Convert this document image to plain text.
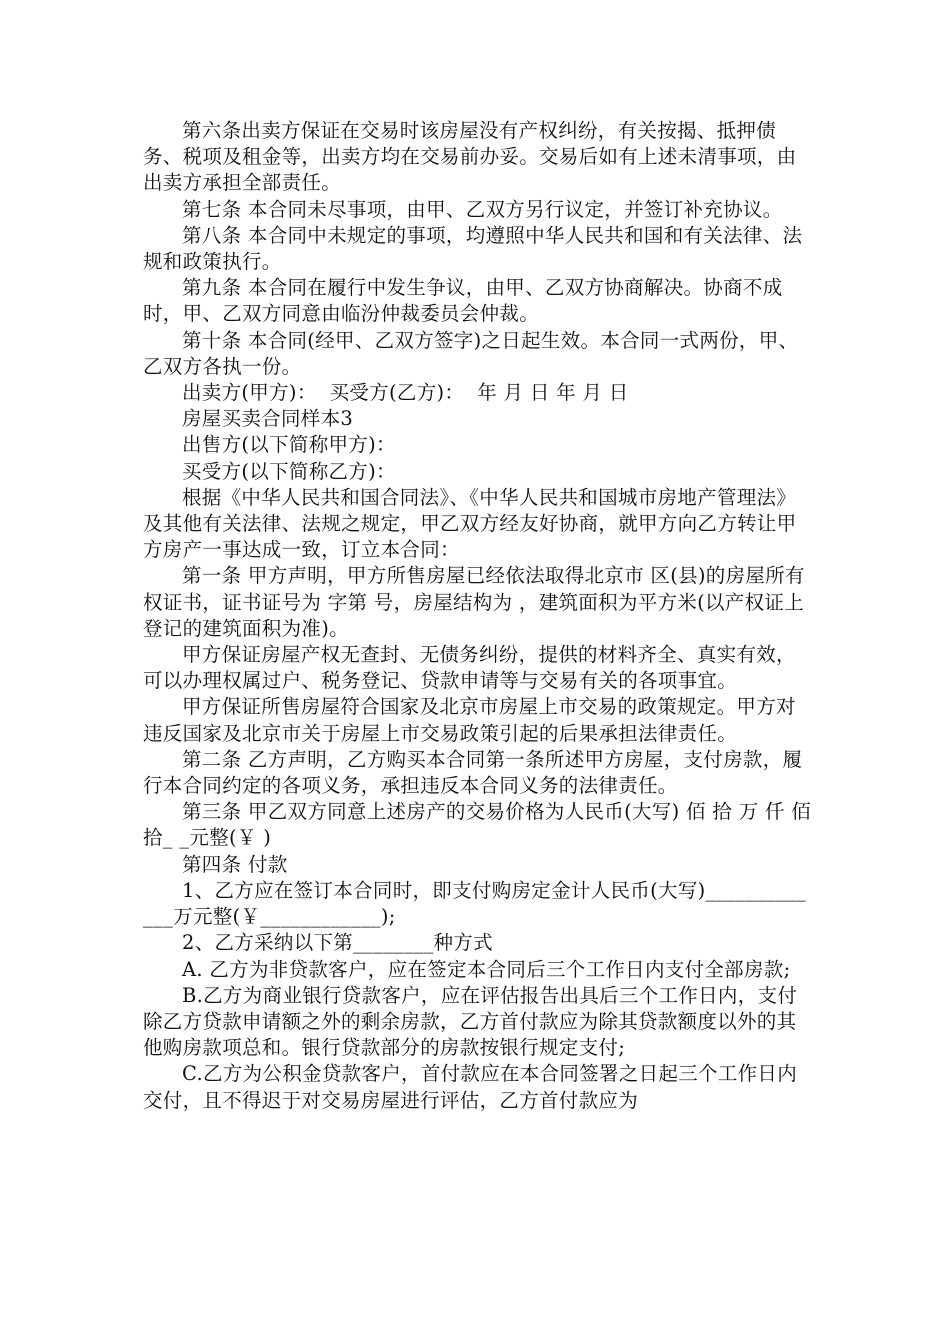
第六条出卖方保证在交易时该房屋没有产权纠纷，有关按揭、抵押债务、税项及租金等，出卖方均在交易前办妥。交易后如有上述未清事项，由出卖方承担全部责任。

第七条 本合同未尽事项，由甲、乙双方另行议定，并签订补充协议。

第八条 本合同中未规定的事项，均遵照中华人民共和国和有关法律、法规和政策执行。

第九条 本合同在履行中发生争议，由甲、乙双方协商解决。协商不成时，甲、乙双方同意由临汾仲裁委员会仲裁。

第十条 本合同(经甲、乙双方签字)之日起生效。本合同一式两份，甲、乙双方各执一份。

出卖方(甲方)：  买受方(乙方)：  年 月 日 年 月 日

房屋买卖合同样本3

出售方(以下简称甲方)：

买受方(以下简称乙方)：

根据《中华人民共和国合同法》、《中华人民共和国城市房地产管理法》及其他有关法律、法规之规定，甲乙双方经友好协商，就甲方向乙方转让甲方房产一事达成一致，订立本合同：

第一条 甲方声明，甲方所售房屋已经依法取得北京市 区(县)的房屋所有权证书，证书证号为 字第 号，房屋结构为 ，建筑面积为平方米(以产权证上登记的建筑面积为准)。

甲方保证房屋产权无查封、无债务纠纷，提供的材料齐全、真实有效，可以办理权属过户、税务登记、贷款申请等与交易有关的各项事宜。

甲方保证所售房屋符合国家及北京市房屋上市交易的政策规定。甲方对违反国家及北京市关于房屋上市交易政策引起的后果承担法律责任。

第二条 乙方声明，乙方购买本合同第一条所述甲方房屋，支付房款，履行本合同约定的各项义务，承担违反本合同义务的法律责任。

第三条 甲乙双方同意上述房产的交易价格为人民币(大写) 佰 拾 万 仟 佰 拾_ _元整(￥ )

第四条 付款

1、乙方应在签订本合同时，即支付购房定金计人民币(大写)_____________万元整(￥____________);

2、乙方采纳以下第________种方式

A. 乙方为非贷款客户，应在签定本合同后三个工作日内支付全部房款;

B.乙方为商业银行贷款客户，应在评估报告出具后三个工作日内，支付除乙方贷款申请额之外的剩余房款，乙方首付款应为除其贷款额度以外的其他购房款项总和。银行贷款部分的房款按银行规定支付;

C.乙方为公积金贷款客户，首付款应在本合同签署之日起三个工作日内交付，且不得迟于对交易房屋进行评估，乙方首付款应为
